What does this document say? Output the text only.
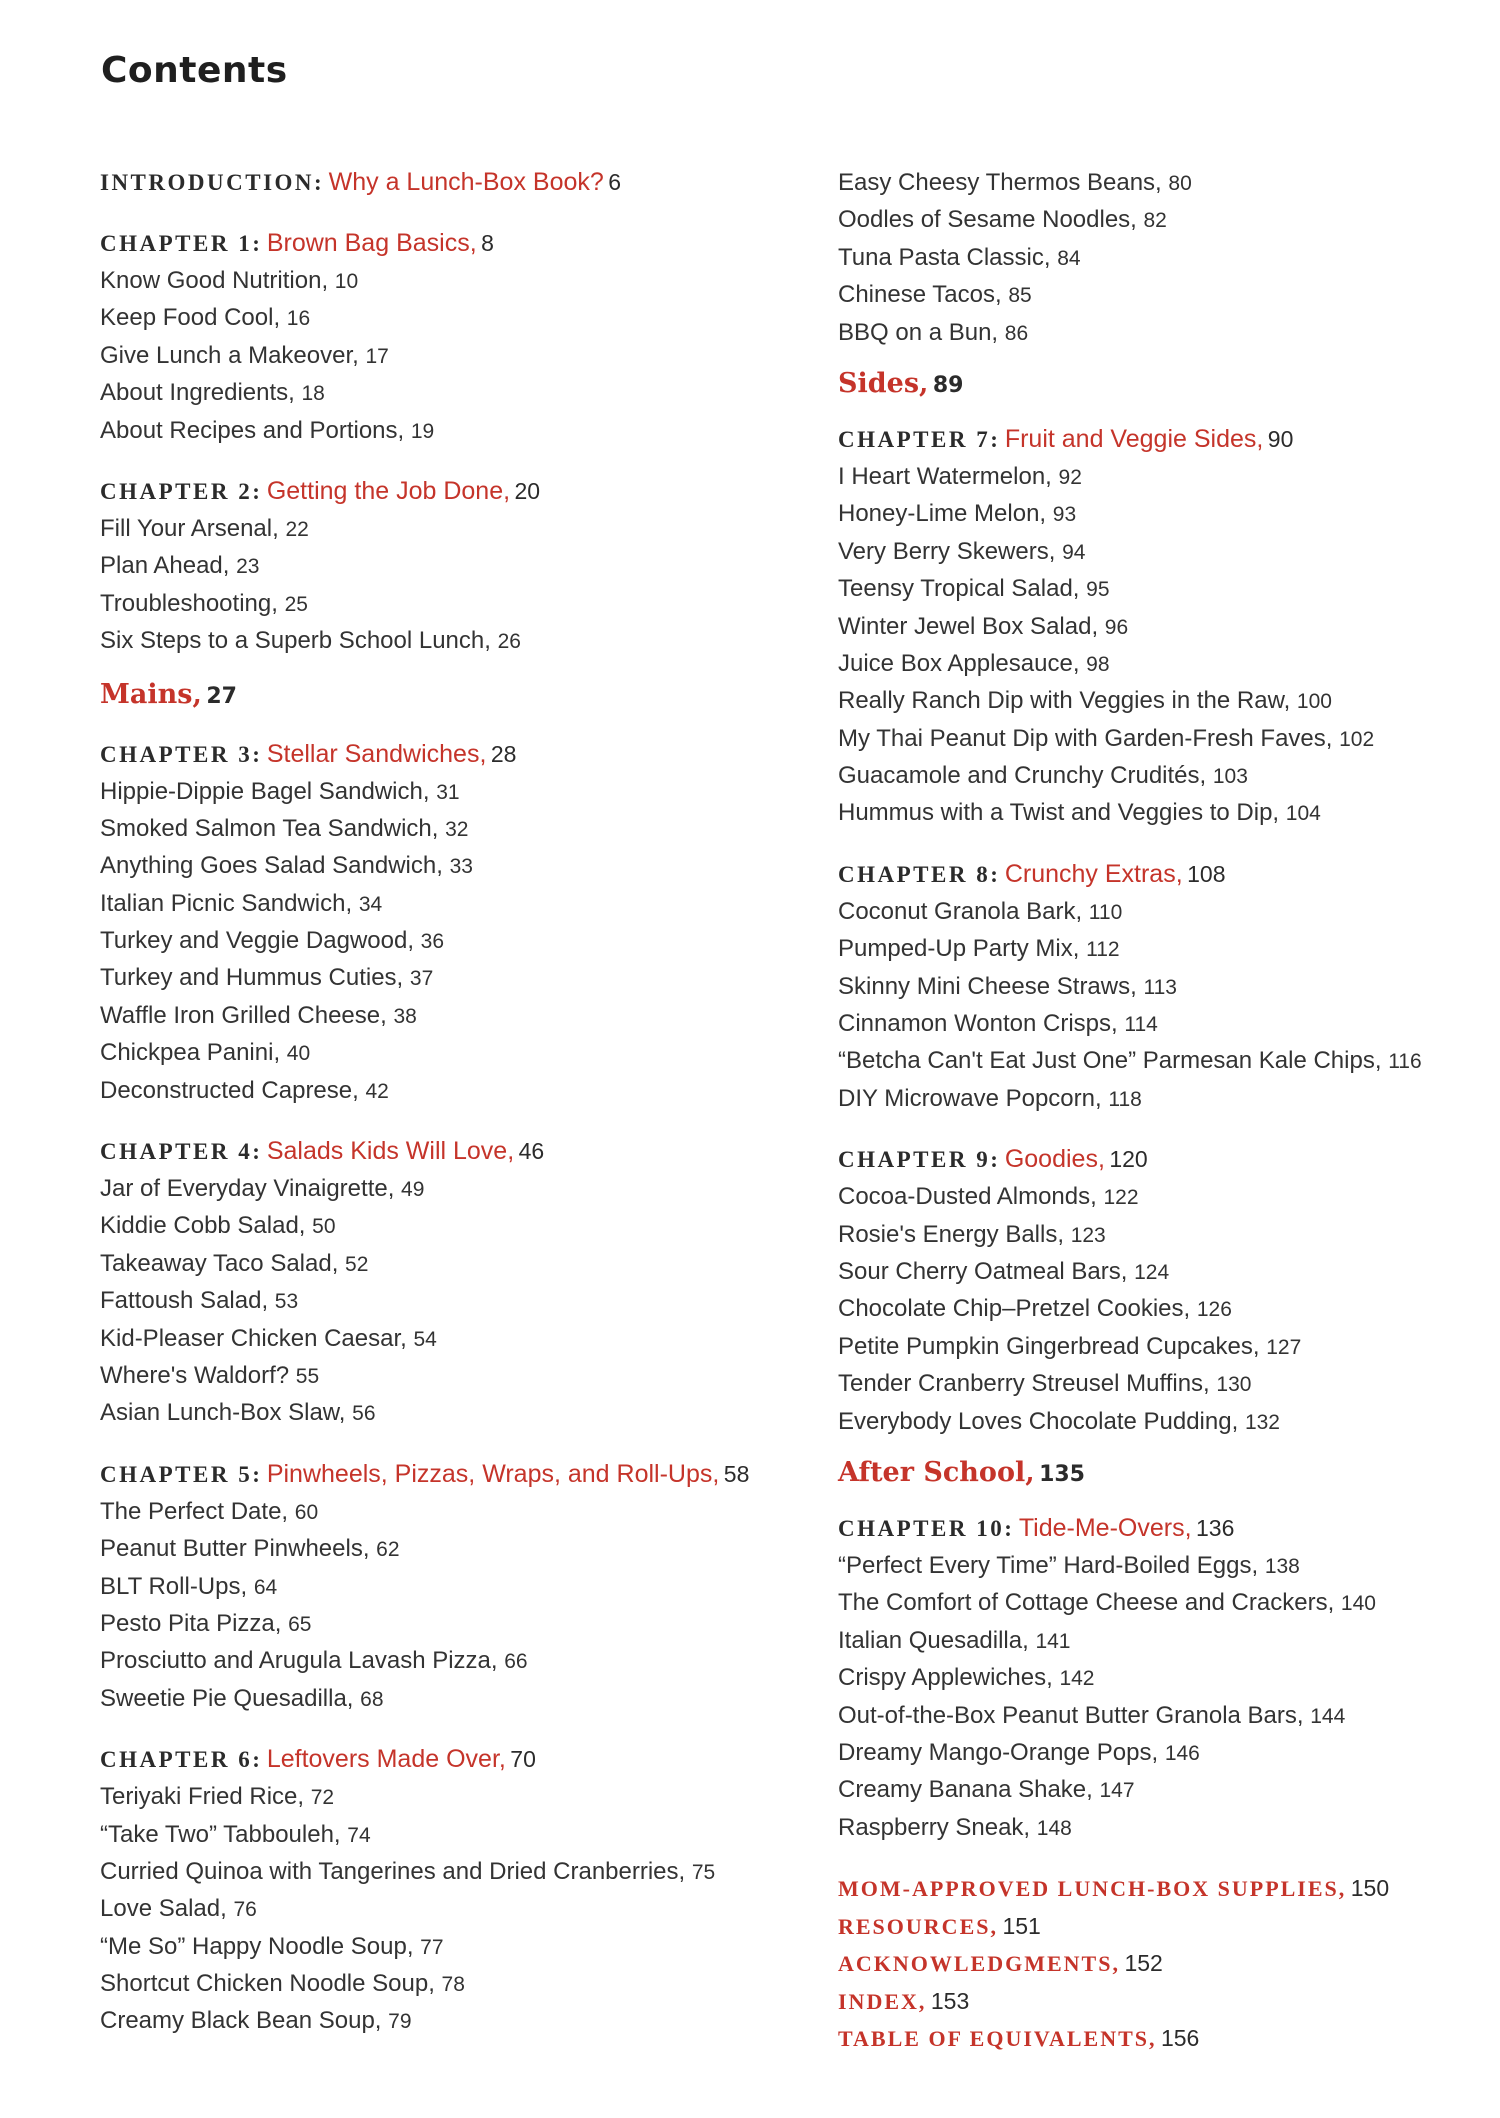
Contents
INTRODUCTION: Why a Lunch-Box Book? 6
CHAPTER 1: Brown Bag Basics, 8
Know Good Nutrition, 10
Keep Food Cool, 16
Give Lunch a Makeover, 17
About Ingredients, 18
About Recipes and Portions, 19
CHAPTER 2: Getting the Job Done, 20
Fill Your Arsenal, 22
Plan Ahead, 23
Troubleshooting, 25
Six Steps to a Superb School Lunch, 26
Mains, 27
CHAPTER 3: Stellar Sandwiches, 28
Hippie-Dippie Bagel Sandwich, 31
Smoked Salmon Tea Sandwich, 32
Anything Goes Salad Sandwich, 33
Italian Picnic Sandwich, 34
Turkey and Veggie Dagwood, 36
Turkey and Hummus Cuties, 37
Waffle Iron Grilled Cheese, 38
Chickpea Panini, 40
Deconstructed Caprese, 42
CHAPTER 4: Salads Kids Will Love, 46
Jar of Everyday Vinaigrette, 49
Kiddie Cobb Salad, 50
Takeaway Taco Salad, 52
Fattoush Salad, 53
Kid-Pleaser Chicken Caesar, 54
Where's Waldorf? 55
Asian Lunch-Box Slaw, 56
CHAPTER 5: Pinwheels, Pizzas, Wraps, and Roll-Ups, 58
The Perfect Date, 60
Peanut Butter Pinwheels, 62
BLT Roll-Ups, 64
Pesto Pita Pizza, 65
Prosciutto and Arugula Lavash Pizza, 66
Sweetie Pie Quesadilla, 68
CHAPTER 6: Leftovers Made Over, 70
Teriyaki Fried Rice, 72
“Take Two” Tabbouleh, 74
Curried Quinoa with Tangerines and Dried Cranberries, 75
Love Salad, 76
“Me So” Happy Noodle Soup, 77
Shortcut Chicken Noodle Soup, 78
Creamy Black Bean Soup, 79
Easy Cheesy Thermos Beans, 80
Oodles of Sesame Noodles, 82
Tuna Pasta Classic, 84
Chinese Tacos, 85
BBQ on a Bun, 86
Sides, 89
CHAPTER 7: Fruit and Veggie Sides, 90
I Heart Watermelon, 92
Honey-Lime Melon, 93
Very Berry Skewers, 94
Teensy Tropical Salad, 95
Winter Jewel Box Salad, 96
Juice Box Applesauce, 98
Really Ranch Dip with Veggies in the Raw, 100
My Thai Peanut Dip with Garden-Fresh Faves, 102
Guacamole and Crunchy Crudités, 103
Hummus with a Twist and Veggies to Dip, 104
CHAPTER 8: Crunchy Extras, 108
Coconut Granola Bark, 110
Pumped-Up Party Mix, 112
Skinny Mini Cheese Straws, 113
Cinnamon Wonton Crisps, 114
“Betcha Can't Eat Just One” Parmesan Kale Chips, 116
DIY Microwave Popcorn, 118
CHAPTER 9: Goodies, 120
Cocoa-Dusted Almonds, 122
Rosie's Energy Balls, 123
Sour Cherry Oatmeal Bars, 124
Chocolate Chip–Pretzel Cookies, 126
Petite Pumpkin Gingerbread Cupcakes, 127
Tender Cranberry Streusel Muffins, 130
Everybody Loves Chocolate Pudding, 132
After School, 135
CHAPTER 10: Tide-Me-Overs, 136
“Perfect Every Time” Hard-Boiled Eggs, 138
The Comfort of Cottage Cheese and Crackers, 140
Italian Quesadilla, 141
Crispy Applewiches, 142
Out-of-the-Box Peanut Butter Granola Bars, 144
Dreamy Mango-Orange Pops, 146
Creamy Banana Shake, 147
Raspberry Sneak, 148
MOM-APPROVED LUNCH-BOX SUPPLIES, 150
RESOURCES, 151
ACKNOWLEDGMENTS, 152
INDEX, 153
TABLE OF EQUIVALENTS, 156
